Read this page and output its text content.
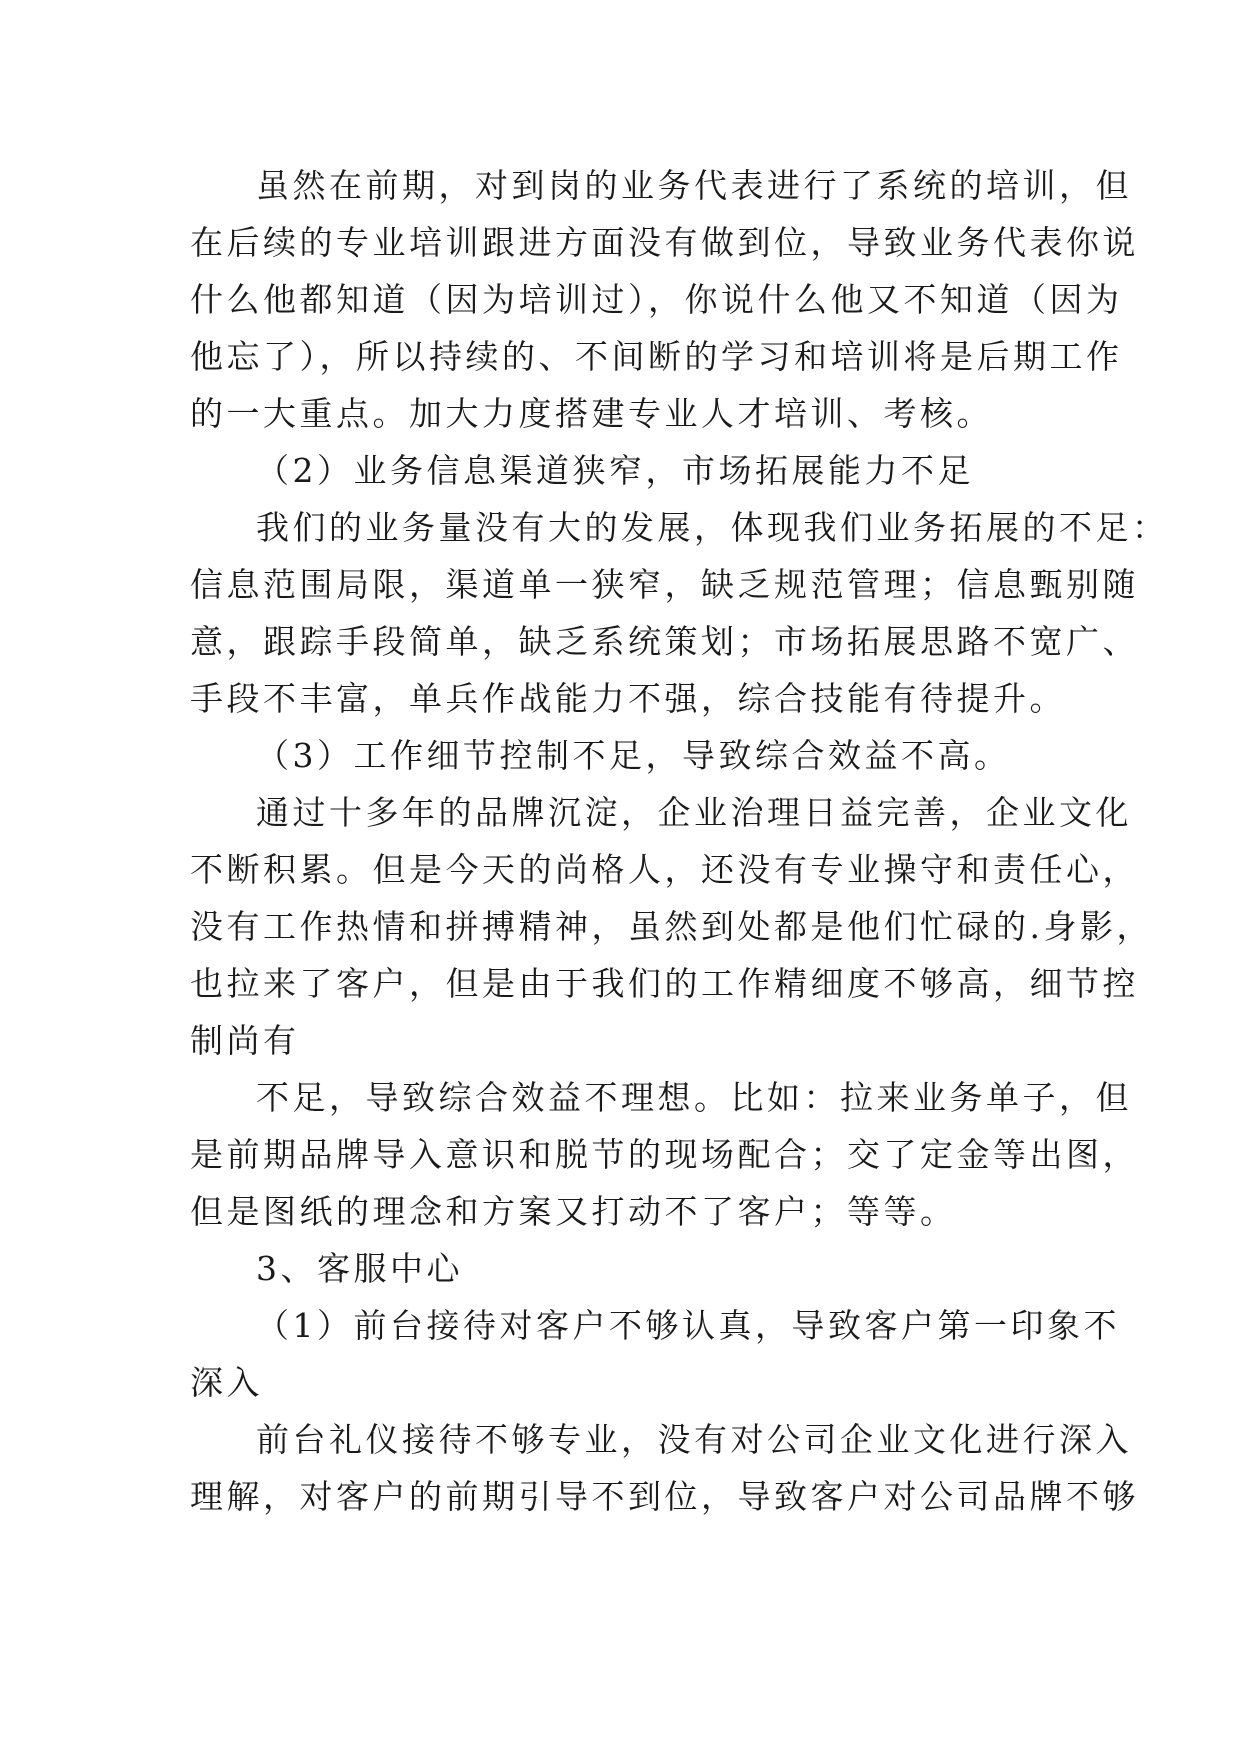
虽然在前期，对到岗的业务代表进行了系统的培训，但

在后续的专业培训跟进方面没有做到位，导致业务代表你说

什么他都知道（因为培训过），你说什么他又不知道（因为

他忘了），所以持续的、不间断的学习和培训将是后期工作

的一大重点。加大力度搭建专业人才培训、考核。

（2）业务信息渠道狭窄，市场拓展能力不足

我们的业务量没有大的发展，体现我们业务拓展的不足：

信息范围局限，渠道单一狭窄，缺乏规范管理；信息甄别随

意，跟踪手段简单，缺乏系统策划；市场拓展思路不宽广、

手段不丰富，单兵作战能力不强，综合技能有待提升。

（3）工作细节控制不足，导致综合效益不高。

通过十多年的品牌沉淀，企业治理日益完善，企业文化

不断积累。但是今天的尚格人，还没有专业操守和责任心，

没有工作热情和拼搏精神，虽然到处都是他们忙碌的.身影，

也拉来了客户，但是由于我们的工作精细度不够高，细节控

制尚有

不足，导致综合效益不理想。比如：拉来业务单子，但

是前期品牌导入意识和脱节的现场配合；交了定金等出图，

但是图纸的理念和方案又打动不了客户；等等。

3、客服中心

（1）前台接待对客户不够认真，导致客户第一印象不

深入

前台礼仪接待不够专业，没有对公司企业文化进行深入

理解，对客户的前期引导不到位，导致客户对公司品牌不够
